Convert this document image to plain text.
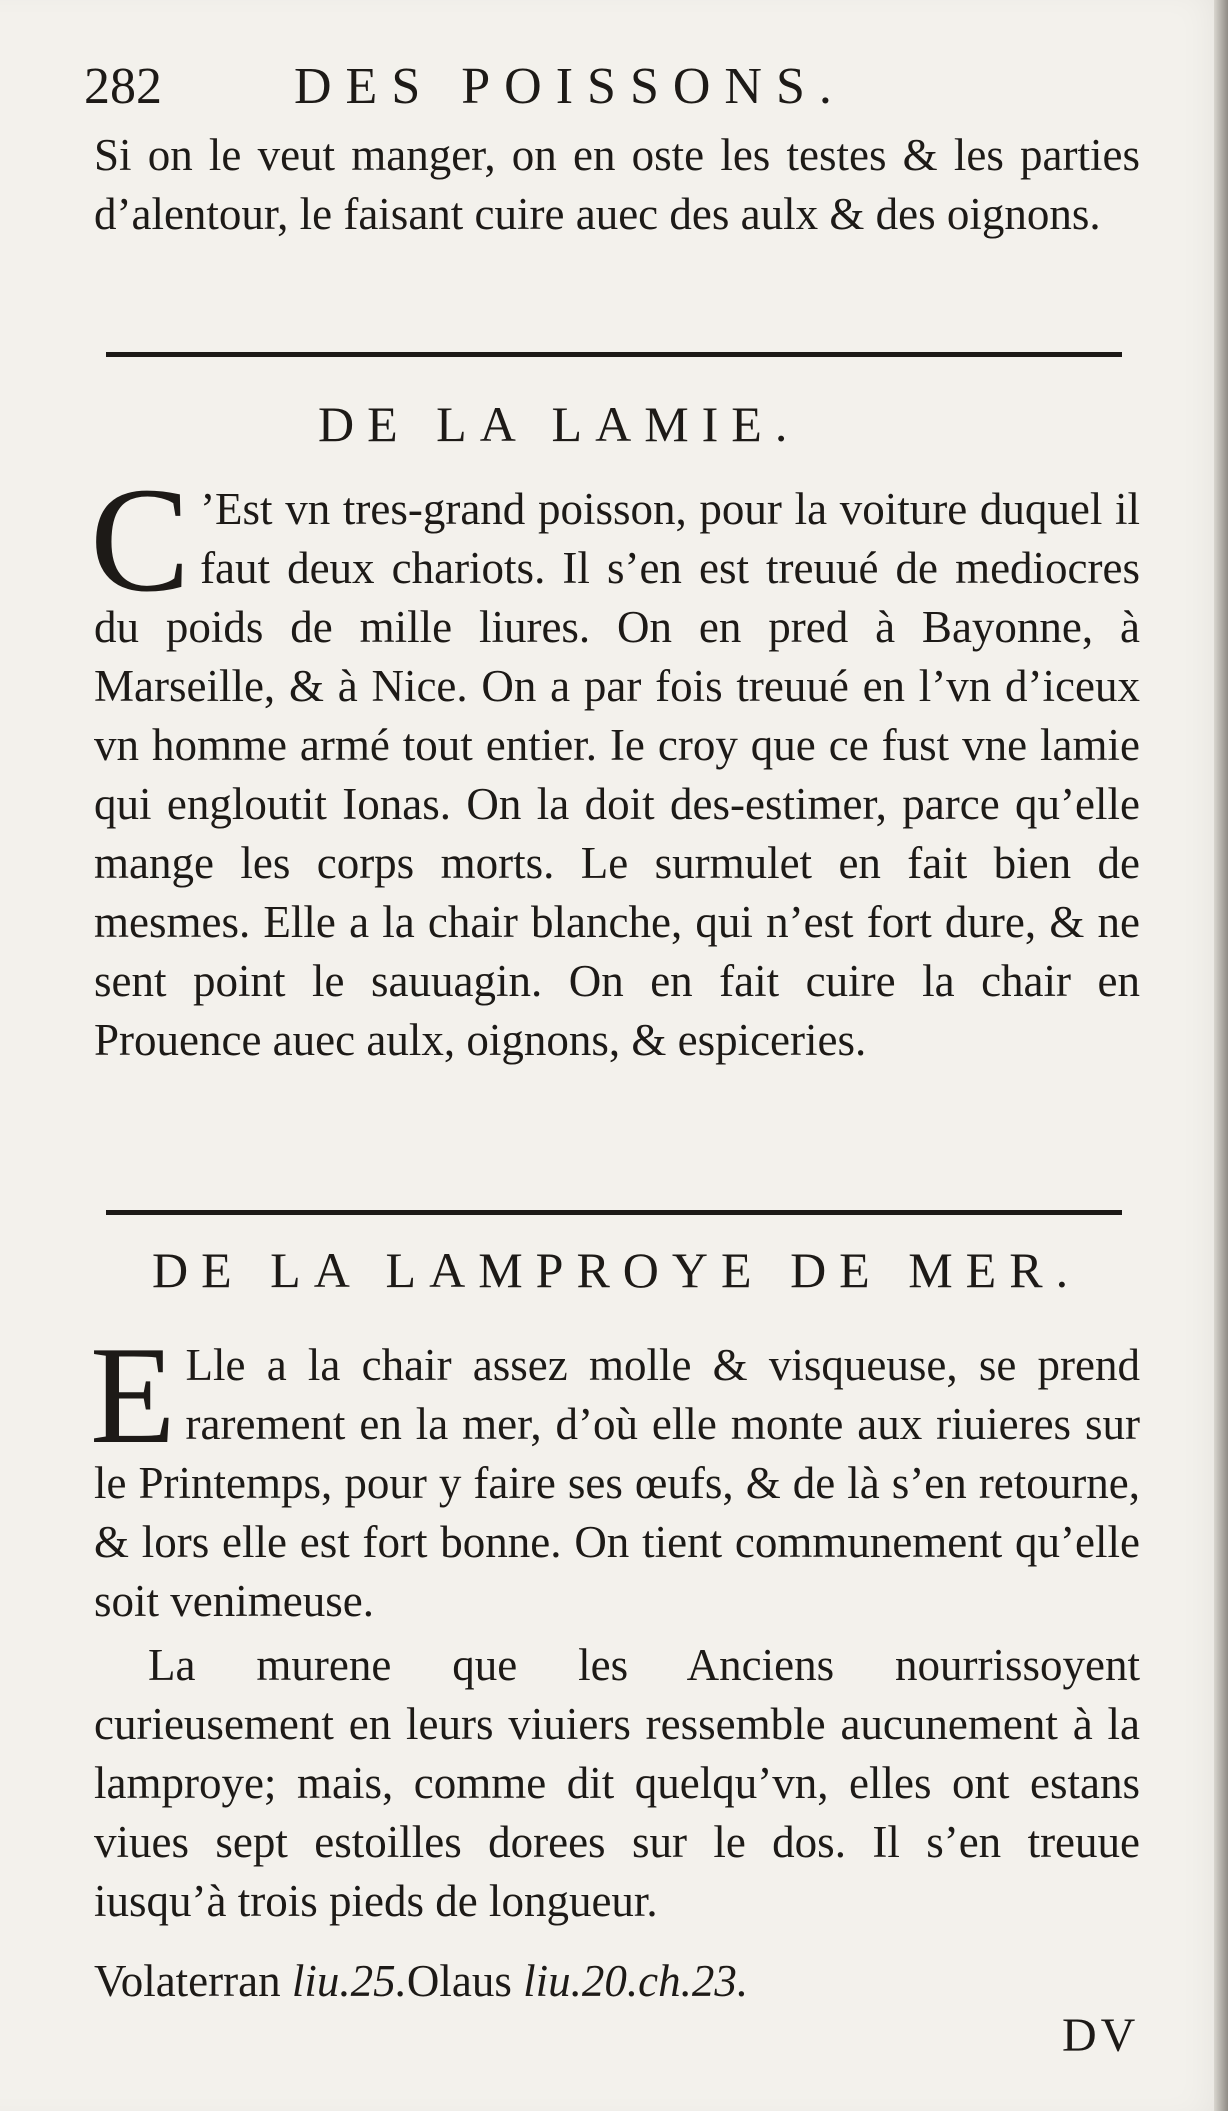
282	DES POISSONS.
Si on le veut manger, on en oste les testes & les parties d’alentour, le faisant cuire auec des aulx & des oignons.
DE LA LAMIE.
C ’Est vn tres-grand poisson, pour la voiture duquel il faut deux chariots. Il s’en est treuué de mediocres du poids de mille liures. On en pred à Bayonne, à Marseille, & à Nice. On a par fois treuué en l’vn d’iceux vn homme armé tout entier. Ie croy que ce fust vne lamie qui engloutit Ionas. On la doit des-estimer, parce qu’elle mange les corps morts. Le surmulet en fait bien de mesmes. Elle a la chair blanche, qui n’est fort dure, & ne sent point le sauuagin. On en fait cuire la chair en Prouence auec aulx, oignons, & espiceries.
DE LA LAMPROYE DE MER.
E Lle a la chair assez molle & visqueuse, se prend rarement en la mer, d’où elle monte aux riuieres sur le Printemps, pour y faire ses œufs, & de là s’en retourne, & lors elle est fort bonne. On tient communement qu’elle soit venimeuse.
La murene que les Anciens nourrissoyent curieusement en leurs viuiers ressemble aucunement à la lamproye; mais, comme dit quelqu’vn, elles ont estans viues sept estoilles dorees sur le dos. Il s’en treuue iusqu’à trois pieds de longueur.
Volaterran liu.25.Olaus liu.20.ch.23.
DV
